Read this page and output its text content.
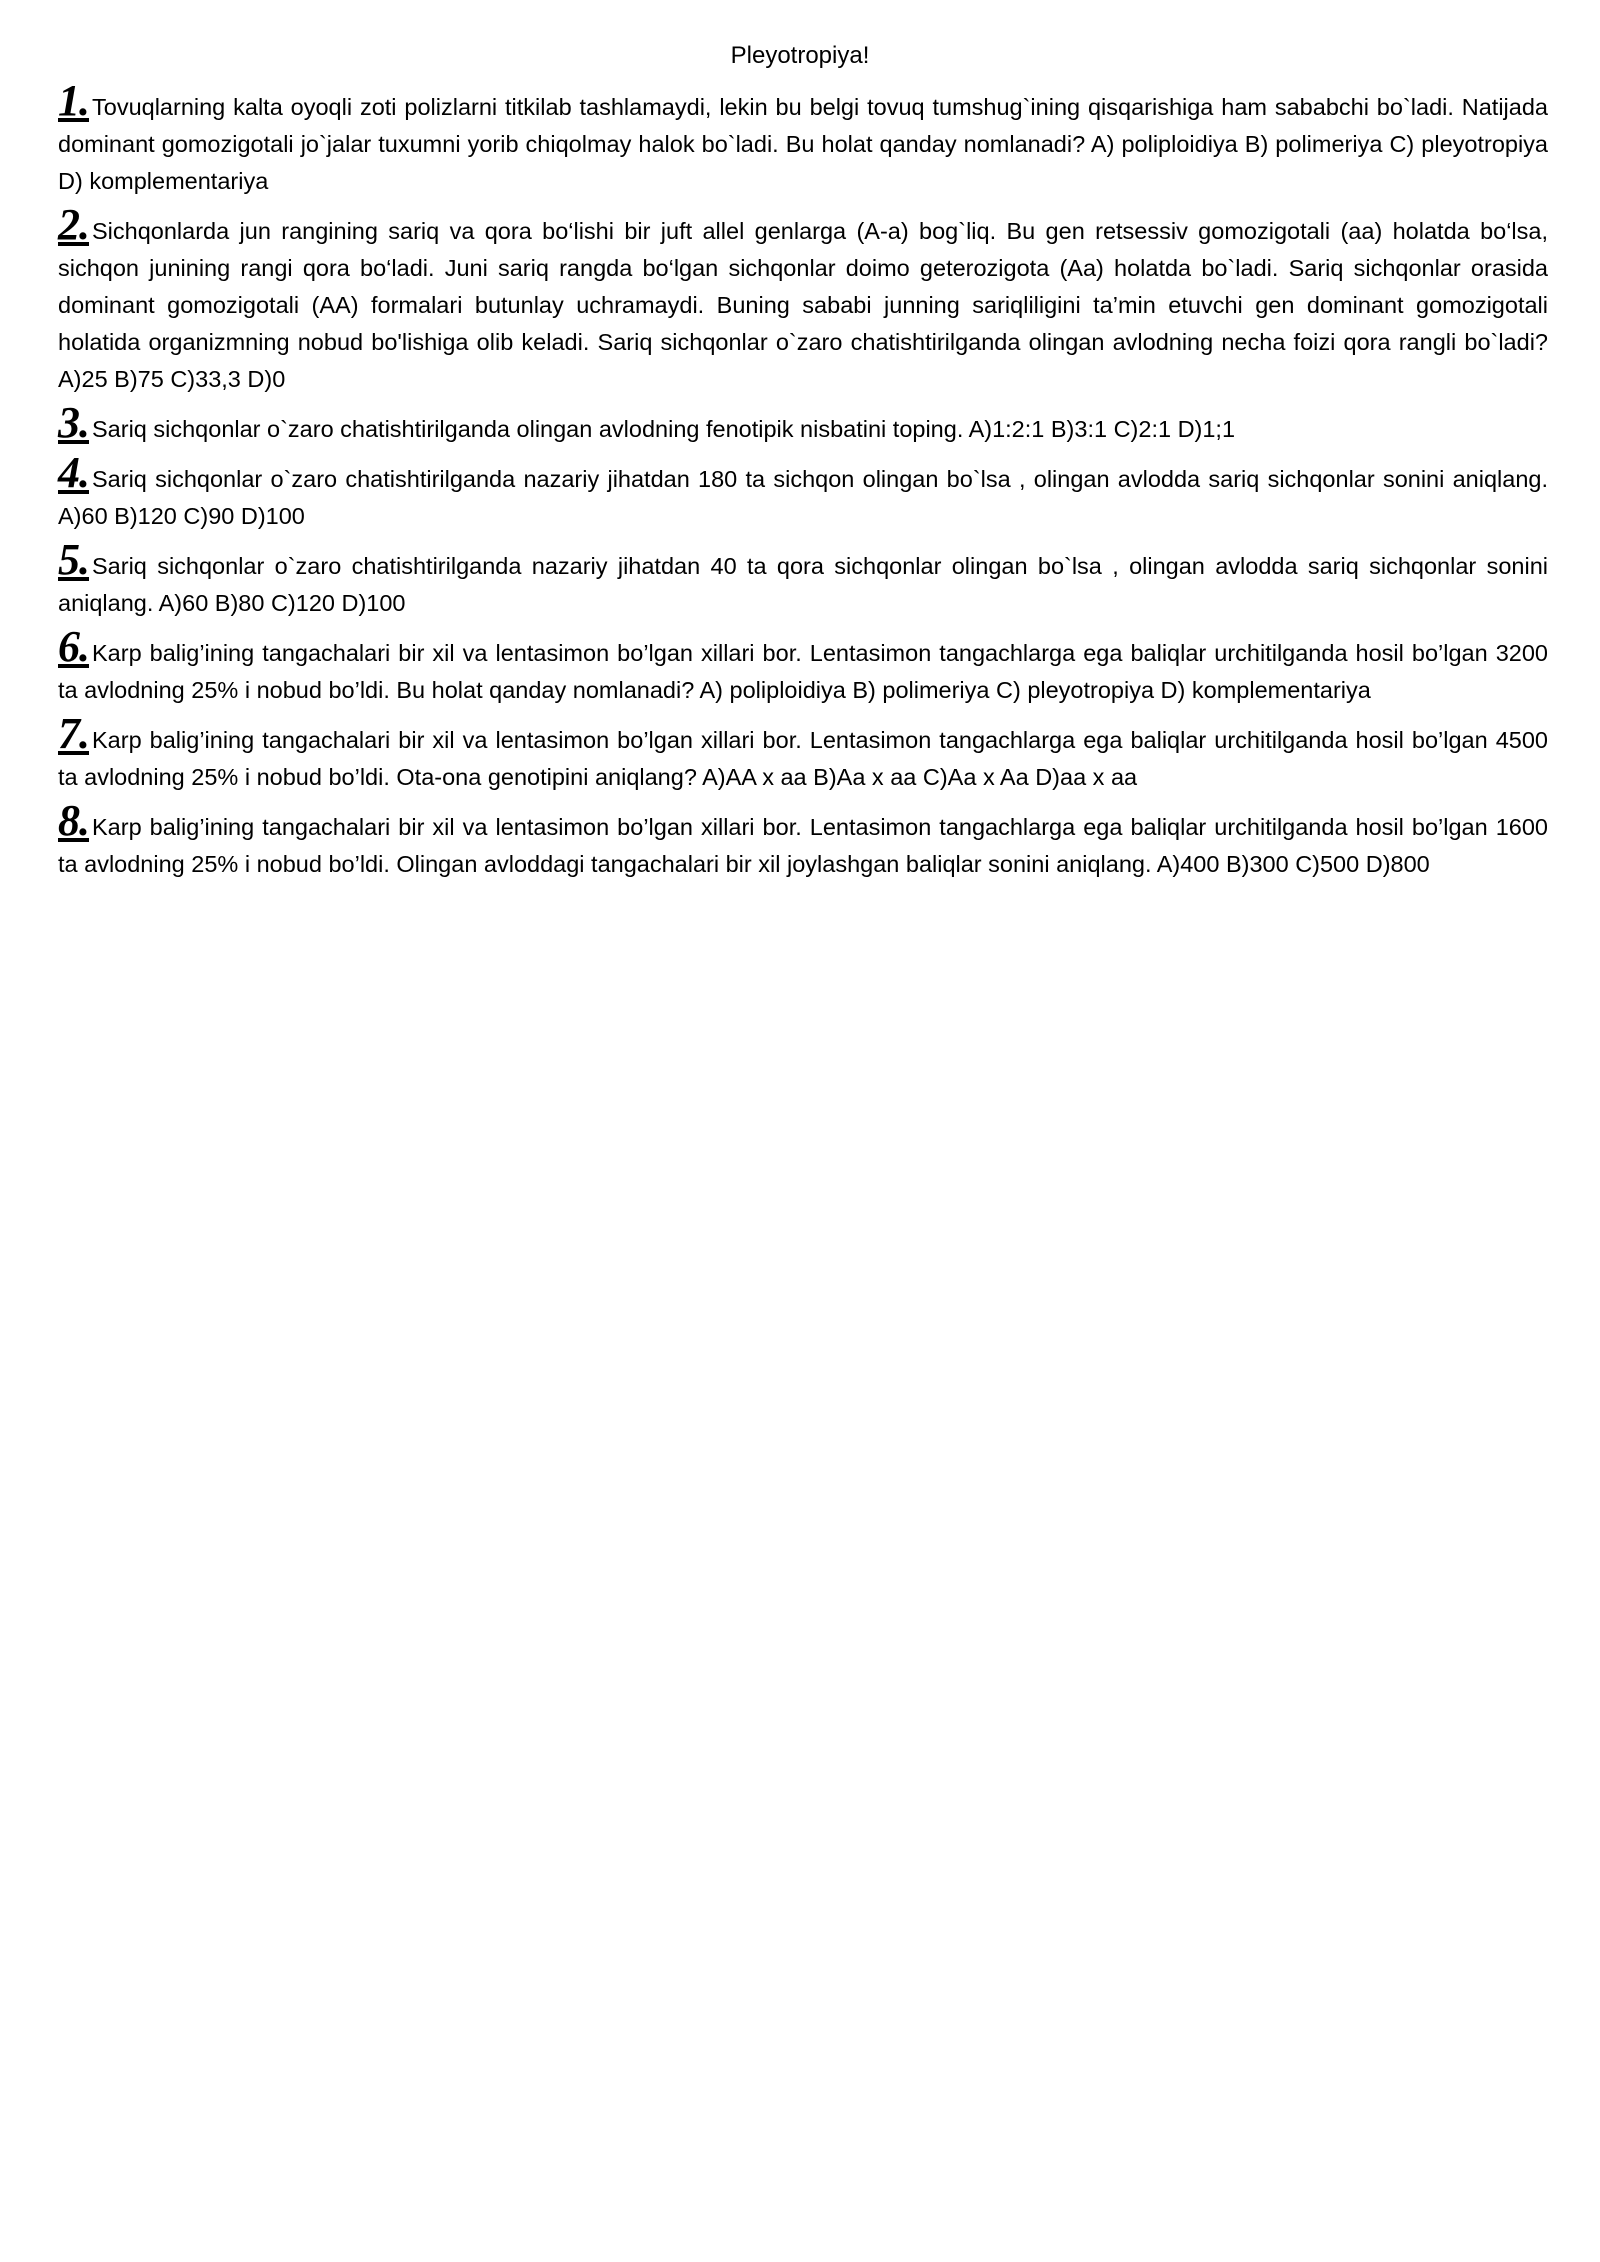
Pleyotropiya!

1. Tovuqlarning kalta oyoqli zoti polizlarni titkilab tashlamaydi, lekin bu belgi tovuq tumshug`ining qisqarishiga ham sababchi bo`ladi. Natijada dominant gomozigotali jo`jalar tuxumni yorib chiqolmay halok bo`ladi. Bu holat qanday nomlanadi? A) poliploidiya B) polimeriya C) pleyotropiya D) komplementariya

2. Sichqonlarda jun rangining sariq va qora bo‘lishi bir juft allel genlarga (A-a) bog`liq. Bu gen retsessiv gomozigotali (aa) holatda bo‘lsa, sichqon junining rangi qora bo‘ladi. Juni sariq rangda bo‘lgan sichqonlar doimo geterozigota (Aa) holatda bo`ladi. Sariq sichqonlar orasida dominant gomozigotali (AA) formalari butunlay uchramaydi. Buning sababi junning sariqliligini ta’min etuvchi gen dominant gomozigotali holatida organizmning nobud bo'lishiga olib keladi. Sariq sichqonlar o`zaro chatishtirilganda olingan avlodning necha foizi qora rangli bo`ladi? A)25 B)75 C)33,3 D)0

3. Sariq sichqonlar o`zaro chatishtirilganda olingan avlodning fenotipik nisbatini toping. A)1:2:1 B)3:1 C)2:1 D)1;1

4. Sariq sichqonlar o`zaro chatishtirilganda nazariy jihatdan 180 ta sichqon olingan bo`lsa , olingan avlodda sariq sichqonlar sonini aniqlang. A)60 B)120 C)90 D)100

5. Sariq sichqonlar o`zaro chatishtirilganda nazariy jihatdan 40 ta qora sichqonlar olingan bo`lsa , olingan avlodda sariq sichqonlar sonini aniqlang. A)60 B)80 C)120 D)100

6. Karp balig’ining tangachalari bir xil va lentasimon bo’lgan xillari bor. Lentasimon tangachlarga ega baliqlar urchitilganda hosil bo’lgan 3200 ta avlodning 25% i nobud bo’ldi. Bu holat qanday nomlanadi? A) poliploidiya B) polimeriya C) pleyotropiya D) komplementariya

7. Karp balig’ining tangachalari bir xil va lentasimon bo’lgan xillari bor. Lentasimon tangachlarga ega baliqlar urchitilganda hosil bo’lgan 4500 ta avlodning 25% i nobud bo’ldi. Ota-ona genotipini aniqlang? A)AA x aa B)Aa x aa C)Aa x Aa D)aa x aa

8. Karp balig’ining tangachalari bir xil va lentasimon bo’lgan xillari bor. Lentasimon tangachlarga ega baliqlar urchitilganda hosil bo’lgan 1600 ta avlodning 25% i nobud bo’ldi. Olingan avloddagi tangachalari bir xil joylashgan baliqlar sonini aniqlang. A)400 B)300 C)500 D)800
